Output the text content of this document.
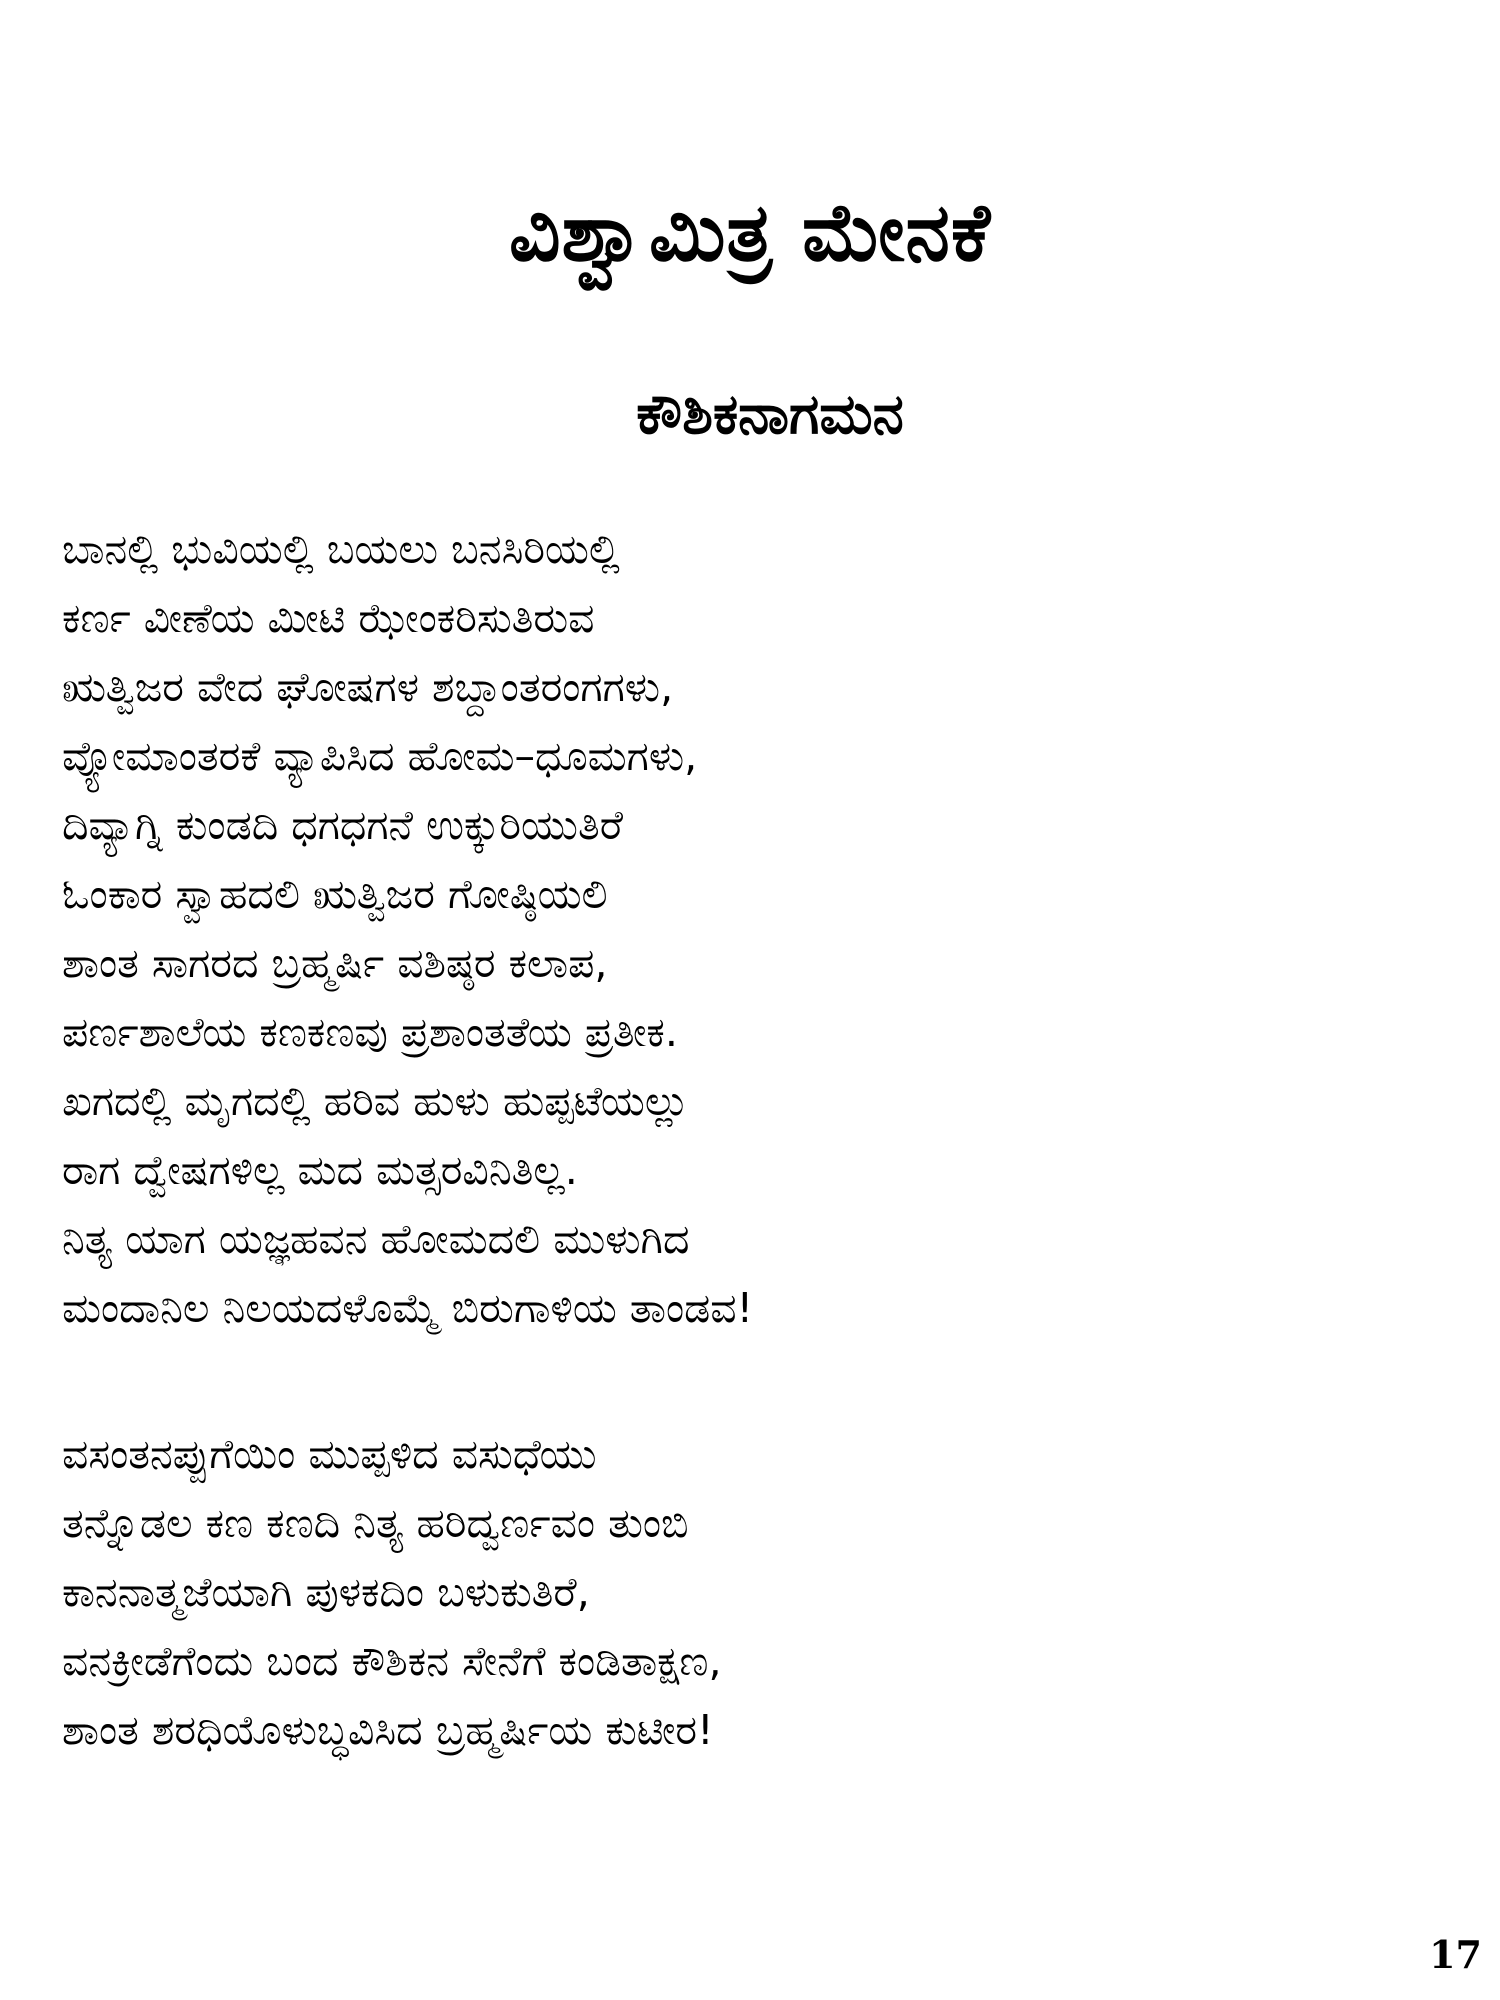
ವಿಶ್ವಾಮಿತ್ರ ಮೇನಕೆ
ಕೌಶಿಕನಾಗಮನ
ಬಾನಲ್ಲಿ ಭುವಿಯಲ್ಲಿ ಬಯಲು ಬನಸಿರಿಯಲ್ಲಿ
ಕರ್ಣ ವೀಣೆಯ ಮೀಟಿ ಝೇಂಕರಿಸುತಿರುವ
ಋತ್ವಿಜರ ವೇದ ಘೋಷಗಳ ಶಬ್ದಾಂತರಂಗಗಳು,
ವ್ಯೋಮಾಂತರಕೆ ವ್ಯಾಪಿಸಿದ ಹೋಮ–ಧೂಮಗಳು,
ದಿವ್ಯಾಗ್ನಿ ಕುಂಡದಿ ಧಗಧಗನೆ ಉಕ್ಕುರಿಯುತಿರೆ
ಓಂಕಾರ ಸ್ವಾಹದಲಿ ಋತ್ವಿಜರ ಗೋಷ್ಠಿಯಲಿ
ಶಾಂತ ಸಾಗರದ ಬ್ರಹ್ಮರ್ಷಿ ವಶಿಷ್ಠರ ಕಲಾಪ,
ಪರ್ಣಶಾಲೆಯ ಕಣಕಣವು ಪ್ರಶಾಂತತೆಯ ಪ್ರತೀಕ.
ಖಗದಲ್ಲಿ ಮೃಗದಲ್ಲಿ ಹರಿವ ಹುಳು ಹುಪ್ಪಟೆಯಲ್ಲು
ರಾಗ ದ್ವೇಷಗಳಿಲ್ಲ ಮದ ಮತ್ಸರವಿನಿತಿಲ್ಲ.
ನಿತ್ಯ ಯಾಗ ಯಜ್ಞಹವನ ಹೋಮದಲಿ ಮುಳುಗಿದ
ಮಂದಾನಿಲ ನಿಲಯದಳೊಮ್ಮೆ ಬಿರುಗಾಳಿಯ ತಾಂಡವ!
ವಸಂತನಪ್ಪುಗೆಯಿಂ ಮುಪ್ಪಳಿದ ವಸುಧೆಯು
ತನ್ನೊಡಲ ಕಣ ಕಣದಿ ನಿತ್ಯ ಹರಿದ್ವರ್ಣವಂ ತುಂಬಿ
ಕಾನನಾತ್ಮಜೆಯಾಗಿ ಪುಳಕದಿಂ ಬಳುಕುತಿರೆ,
ವನಕ್ರೀಡೆಗೆಂದು ಬಂದ ಕೌಶಿಕನ ಸೇನೆಗೆ ಕಂಡಿತಾಕ್ಷಣ,
ಶಾಂತ ಶರಧಿಯೊಳುಬ್ಧವಿಸಿದ ಬ್ರಹ್ಮರ್ಷಿಯ ಕುಟೀರ!
17
